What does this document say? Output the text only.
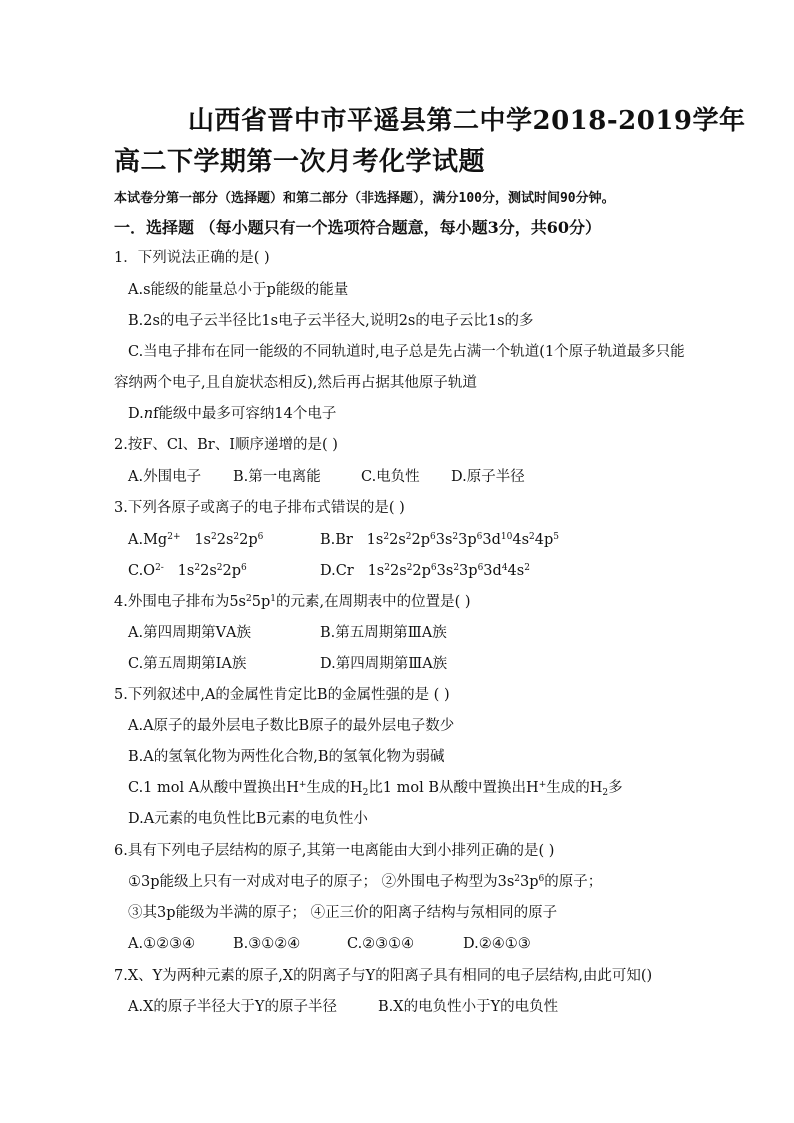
山西省晋中市平遥县第二中学2018-2019学年
高二下学期第一次月考化学试题
本试卷分第一部分（选择题）和第二部分（非选择题），满分100分，测试时间90分钟。
一．选择题 （每小题只有一个选项符合题意，每小题3分，共60分）
1．下列说法正确的是( )
A.s能级的能量总小于p能级的能量
B.2s的电子云半径比1s电子云半径大,说明2s的电子云比1s的多
C.当电子排布在同一能级的不同轨道时,电子总是先占满一个轨道(1个原子轨道最多只能
容纳两个电子,且自旋状态相反),然后再占据其他原子轨道
D.nf能级中最多可容纳14个电子
2.按F、Cl、Br、I顺序递增的是( )
A.外围电子 B.第一电离能	C.电负性 D.原子半径
3.下列各原子或离子的电子排布式错误的是( )
$A.Mg^{2+}$   $1s^22s^22p^6$	B.Br   $1s^22s^22p^63s^23p^63d^{10}4s^24p^5$
$C.O^{2-}$   $1s^22s^22p^6$	D.Cr   $1s^22s^22p^63s^23p^63d^44s^2$
4.外围电子排布为$5s^25p^1$的元素,在周期表中的位置是( )
A.第四周期第ⅤA族	B.第五周期第ⅢA族
C.第五周期第ⅠA族	D.第四周期第ⅢA族
5.下列叙述中,A的金属性肯定比B的金属性强的是 ( )
A.A原子的最外层电子数比B原子的最外层电子数少
B.A的氢氧化物为两性化合物,B的氢氧化物为弱碱
C.1 mol A从酸中置换出H+生成的$H_2$比1 mol B从酸中置换出H+生成的$H_2$多
D.A元素的电负性比B元素的电负性小
6.具有下列电子层结构的原子,其第一电离能由大到小排列正确的是( )
①3p能级上只有一对成对电子的原子； ②外围电子构型为$3s^23p^6$的原子；
③其3p能级为半满的原子； ④正三价的阳离子结构与氖相同的原子
A.①②③④	B.③①②④	C.②③①④	D.②④①③
7.X、Y为两种元素的原子,X的阴离子与Y的阳离子具有相同的电子层结构,由此可知()
A.X的原子半径大于Y的原子半径	B.X的电负性小于Y的电负性
